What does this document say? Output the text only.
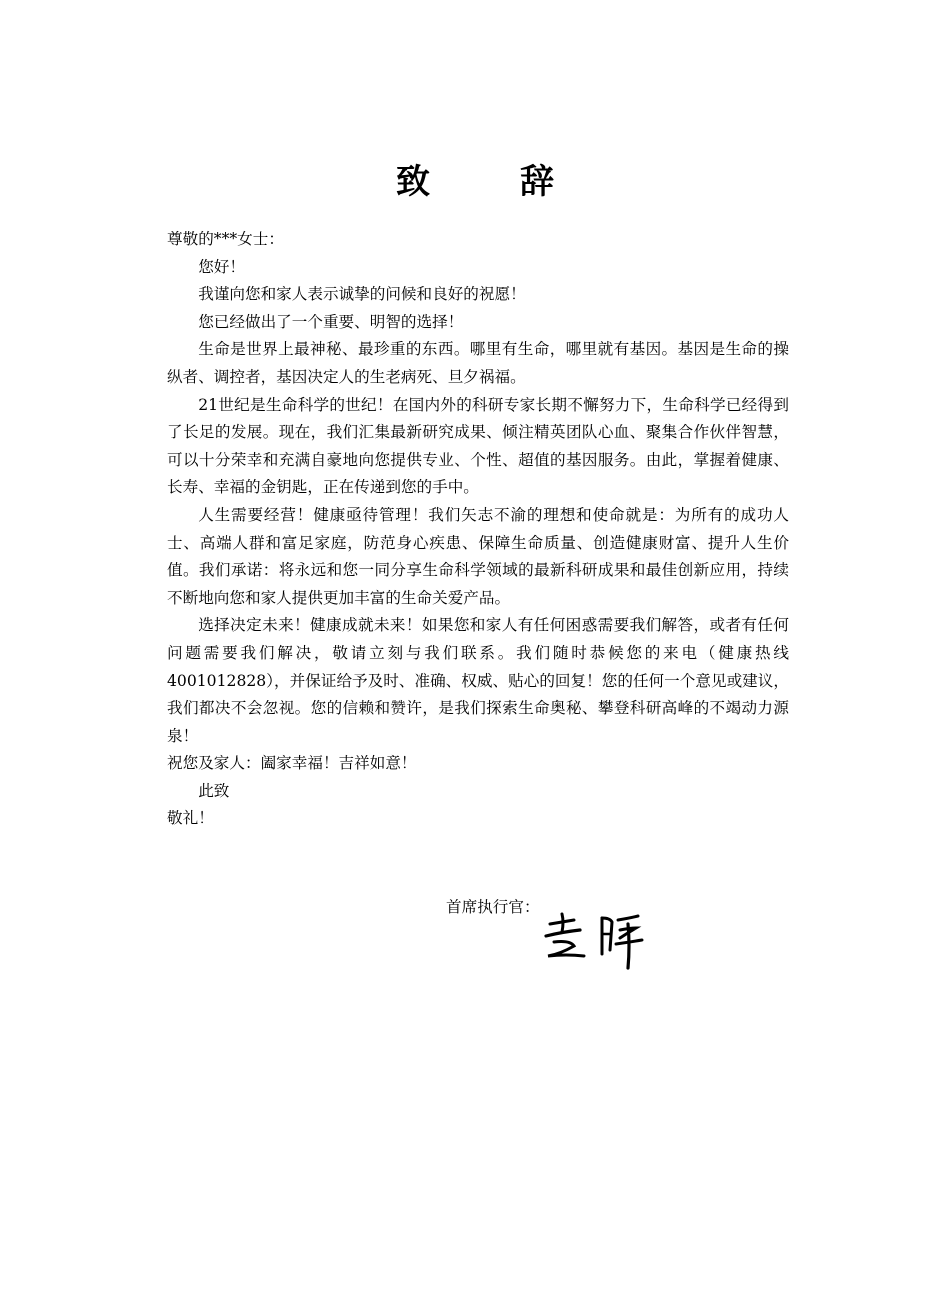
致　辞

尊敬的***女士：

您好！

我谨向您和家人表示诚挚的问候和良好的祝愿！

您已经做出了一个重要、明智的选择！

生命是世界上最神秘、最珍重的东西。哪里有生命，哪里就有基因。基因是生命的操纵者、调控者，基因决定人的生老病死、旦夕祸福。

21世纪是生命科学的世纪！在国内外的科研专家长期不懈努力下，生命科学已经得到了长足的发展。现在，我们汇集最新研究成果、倾注精英团队心血、聚集合作伙伴智慧，可以十分荣幸和充满自豪地向您提供专业、个性、超值的基因服务。由此，掌握着健康、长寿、幸福的金钥匙，正在传递到您的手中。

人生需要经营！健康亟待管理！我们矢志不渝的理想和使命就是：为所有的成功人士、高端人群和富足家庭，防范身心疾患、保障生命质量、创造健康财富、提升人生价值。我们承诺：将永远和您一同分享生命科学领域的最新科研成果和最佳创新应用，持续不断地向您和家人提供更加丰富的生命关爱产品。

选择决定未来！健康成就未来！如果您和家人有任何困惑需要我们解答，或者有任何问题需要我们解决，敬请立刻与我们联系。我们随时恭候您的来电（健康热线4001012828），并保证给予及时、准确、权威、贴心的回复！您的任何一个意见或建议，我们都决不会忽视。您的信赖和赞许，是我们探索生命奥秘、攀登科研高峰的不竭动力源泉！

祝您及家人：阖家幸福！吉祥如意！

此致

敬礼！

首席执行官：
